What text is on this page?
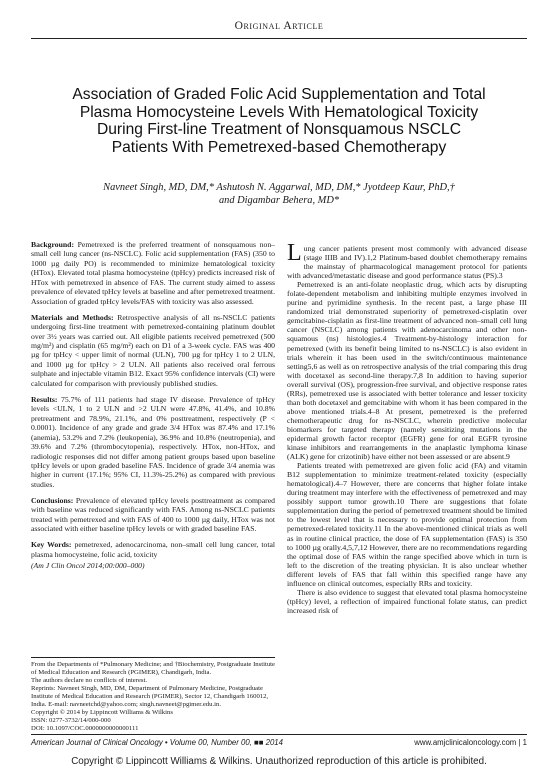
Original Article
Association of Graded Folic Acid Supplementation and Total
Plasma Homocysteine Levels With Hematological Toxicity
During First-line Treatment of Nonsquamous NSCLC
Patients With Pemetrexed-based Chemotherapy
Navneet Singh, MD, DM,* Ashutosh N. Aggarwal, MD, DM,* Jyotdeep Kaur, PhD,†
and Digambar Behera, MD*

Background: Pemetrexed is the preferred treatment of nonsquamous non–small cell lung cancer (ns-NSCLC). Folic acid supplementation (FAS) (350 to 1000 µg daily PO) is recommended to minimize hematological toxicity (HTox). Elevated total plasma homocysteine (tpHcy) predicts increased risk of HTox with pemetrexed in absence of FAS. The current study aimed to assess prevalence of elevated tpHcy levels at baseline and after pemetrexed treatment. Association of graded tpHcy levels/FAS with toxicity was also assessed.

Materials and Methods: Retrospective analysis of all ns-NSCLC patients undergoing first-line treatment with pemetrexed-containing platinum doublet over 3½ years was carried out. All eligible patients received pemetrexed (500 mg/m²) and cisplatin (65 mg/m²) each on D1 of a 3-week cycle. FAS was 400 µg for tpHcy < upper limit of normal (ULN), 700 µg for tpHcy 1 to 2 ULN, and 1000 µg for tpHcy > 2 ULN. All patients also received oral ferrous sulphate and injectable vitamin B12. Exact 95% confidence intervals (CI) were calculated for comparison with previously published studies.

Results: 75.7% of 111 patients had stage IV disease. Prevalence of tpHcy levels <ULN, 1 to 2 ULN and >2 ULN were 47.8%, 41.4%, and 10.8% pretreatment and 78.9%, 21.1%, and 0% posttreatment, respectively (P < 0.0001). Incidence of any grade and grade 3/4 HTox was 87.4% and 17.1% (anemia), 53.2% and 7.2% (leukopenia), 36.9% and 10.8% (neutropenia), and 39.6% and 7.2% (thrombocytopenia), respectively. HTox, non-HTox, and radiologic responses did not differ among patient groups based upon baseline tpHcy levels or upon graded baseline FAS. Incidence of grade 3/4 anemia was higher in current (17.1%; 95% CI, 11.3%-25.2%) as compared with previous studies.

Conclusions: Prevalence of elevated tpHcy levels posttreatment as compared with baseline was reduced significantly with FAS. Among ns-NSCLC patients treated with pemetrexed and with FAS of 400 to 1000 µg daily, HTox was not associated with either baseline tpHcy levels or with graded baseline FAS.

Key Words: pemetrexed, adenocarcinoma, non–small cell lung cancer, total plasma homocysteine, folic acid, toxicity

(Am J Clin Oncol 2014;00:000–000)

Lung cancer patients present most commonly with advanced disease (stage IIIB and IV).1,2 Platinum-based doublet chemotherapy remains the mainstay of pharmacological management protocol for patients with advanced/metastatic disease and good performance status (PS).3

Pemetrexed is an anti-folate neoplastic drug, which acts by disrupting folate-dependent metabolism and inhibiting multiple enzymes involved in purine and pyrimidine synthesis. In the recent past, a large phase III randomized trial demonstrated superiority of pemetrexed-cisplatin over gemcitabine-cisplatin as first-line treatment of advanced non–small cell lung cancer (NSCLC) among patients with adenocarcinoma and other non-squamous (ns) histologies.4 Treatment-by-histology interaction for pemetrexed (with its benefit being limited to ns-NSCLC) is also evident in trials wherein it has been used in the switch/continuous maintenance setting5,6 as well as on retrospective analysis of the trial comparing this drug with docetaxel as second-line therapy.7,8 In addition to having superior overall survival (OS), progression-free survival, and objective response rates (RRs), pemetrexed use is associated with better tolerance and lesser toxicity than both docetaxel and gemcitabine with whom it has been compared in the above mentioned trials.4–8 At present, pemetrexed is the preferred chemotherapeutic drug for ns-NSCLC, wherein predictive molecular biomarkers for targeted therapy (namely sensitizing mutations in the epidermal growth factor receptor (EGFR) gene for oral EGFR tyrosine kinase inhibitors and rearrangements in the anaplastic lymphoma kinase (ALK) gene for crizotinib) have either not been assessed or are absent.9

Patients treated with pemetrexed are given folic acid (FA) and vitamin B12 supplementation to minimize treatment-related toxicity (especially hematological).4–7 However, there are concerns that higher folate intake during treatment may interfere with the effectiveness of pemetrexed and may possibly support tumor growth.10 There are suggestions that folate supplementation during the period of pemetrexed treatment should be limited to the lowest level that is necessary to provide optimal protection from pemetrexed-related toxicity.11 In the above-mentioned clinical trials as well as in routine clinical practice, the dose of FA supplementation (FAS) is 350 to 1000 µg orally.4,5,7,12 However, there are no recommendations regarding the optimal dose of FAS within the range specified above which in turn is left to the discretion of the treating physician. It is also unclear whether different levels of FAS that fall within this specified range have any influence on clinical outcomes, especially RRs and toxicity.

There is also evidence to suggest that elevated total plasma homocysteine (tpHcy) level, a reflection of impaired functional folate status, can predict increased risk of

From the Departments of *Pulmonary Medicine; and †Biochemistry, Postgraduate Institute of Medical Education and Research (PGIMER), Chandigarh, India.

The authors declare no conflicts of interest.

Reprints: Navneet Singh, MD, DM, Department of Pulmonary Medicine, Postgraduate Institute of Medical Education and Research (PGIMER), Sector 12, Chandigarh 160012, India. E-mail: navneetchd@yahoo.com; singh.navneet@pgimer.edu.in.

Copyright © 2014 by Lippincott Williams & Wilkins

ISSN: 0277-3732/14/000-000

DOI: 10.1097/COC.0000000000000111

American Journal of Clinical Oncology • Volume 00, Number 00, ■■ 2014	www.amjclinicaloncology.com | 1
Copyright © Lippincott Williams & Wilkins. Unauthorized reproduction of this article is prohibited.
